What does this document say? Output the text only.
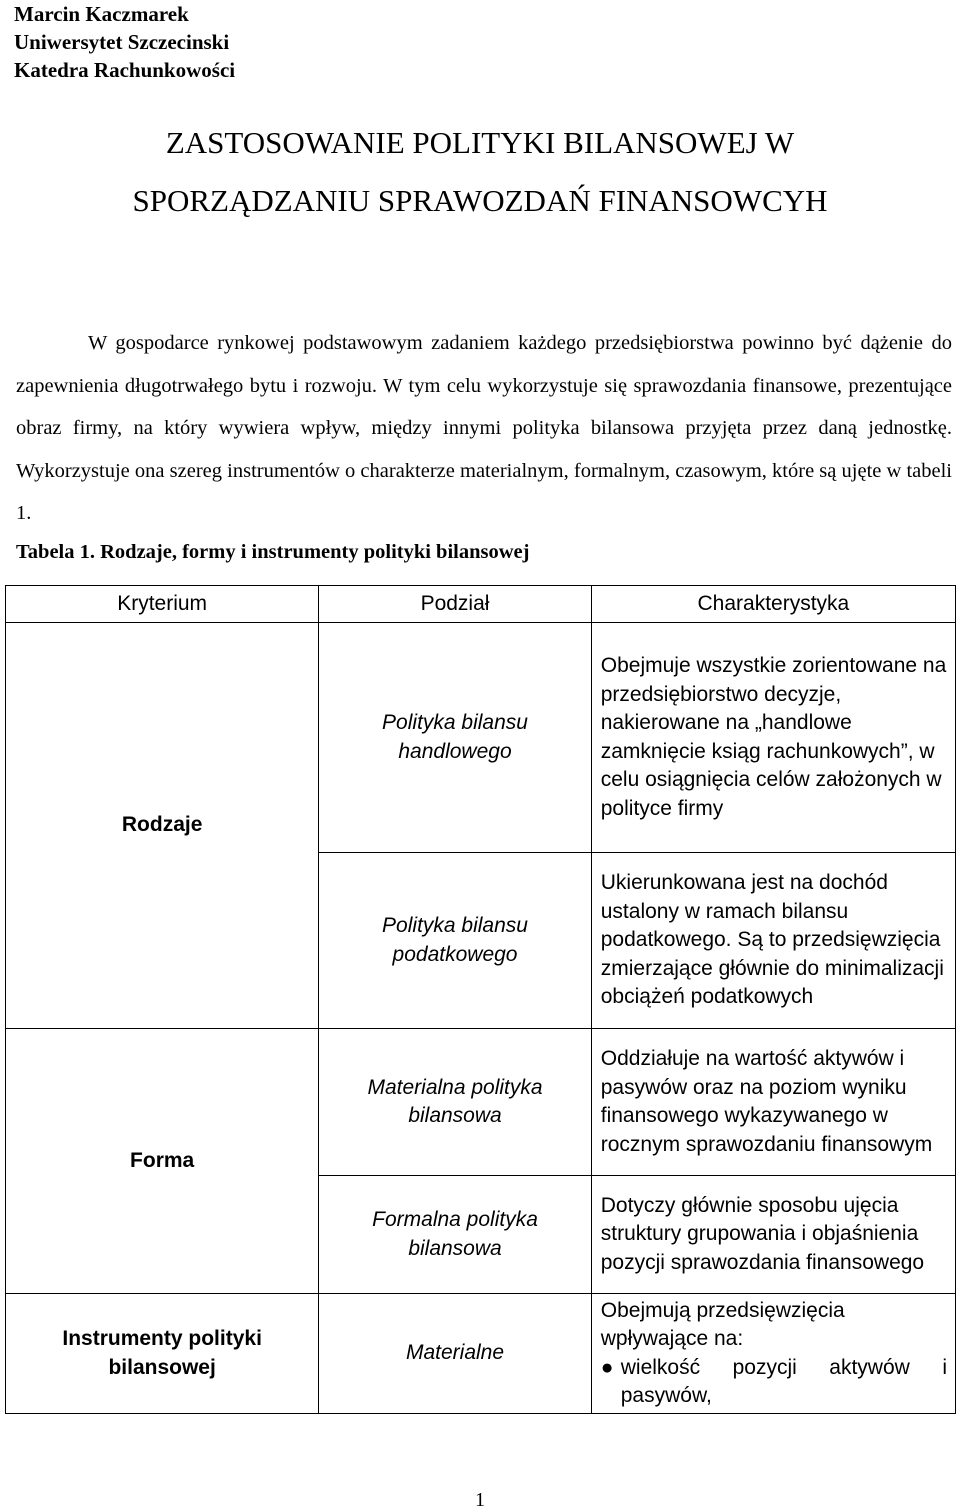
Marcin Kaczmarek
Uniwersytet Szczecinski
Katedra Rachunkowości
ZASTOSOWANIE POLITYKI BILANSOWEJ W
SPORZĄDZANIU SPRAWOZDAŃ FINANSOWCYH
W gospodarce rynkowej podstawowym zadaniem każdego przedsiębiorstwa powinno być dążenie do zapewnienia długotrwałego bytu i rozwoju. W tym celu wykorzystuje się sprawozdania finansowe, prezentujące obraz firmy, na który wywiera wpływ, między innymi polityka bilansowa przyjęta przez daną jednostkę. Wykorzystuje ona szereg instrumentów o charakterze materialnym, formalnym, czasowym, które są ujęte w tabeli 1.
Tabela 1. Rodzaje, formy i instrumenty polityki bilansowej
Kryterium	Podział	Charakterystyka
Rodzaje	Polityka bilansu handlowego	Obejmuje wszystkie zorientowane na przedsiębiorstwo decyzje, nakierowane na „handlowe zamknięcie ksiąg rachunkowych”, w celu osiągnięcia celów założonych w polityce firmy
	Polityka bilansu podatkowego	Ukierunkowana jest na dochód ustalony w ramach bilansu podatkowego. Są to przedsięwzięcia zmierzające głównie do minimalizacji obciążeń podatkowych
Forma	Materialna polityka bilansowa	Oddziałuje na wartość aktywów i pasywów oraz na poziom wyniku finansowego wykazywanego w rocznym sprawozdaniu finansowym
	Formalna polityka bilansowa	Dotyczy głównie sposobu ujęcia struktury grupowania i objaśnienia pozycji sprawozdania finansowego
Instrumenty polityki bilansowej	Materialne	Obejmują przedsięwzięcia wpływające na:
● wielkość pozycji aktywów i pasywów,
1
